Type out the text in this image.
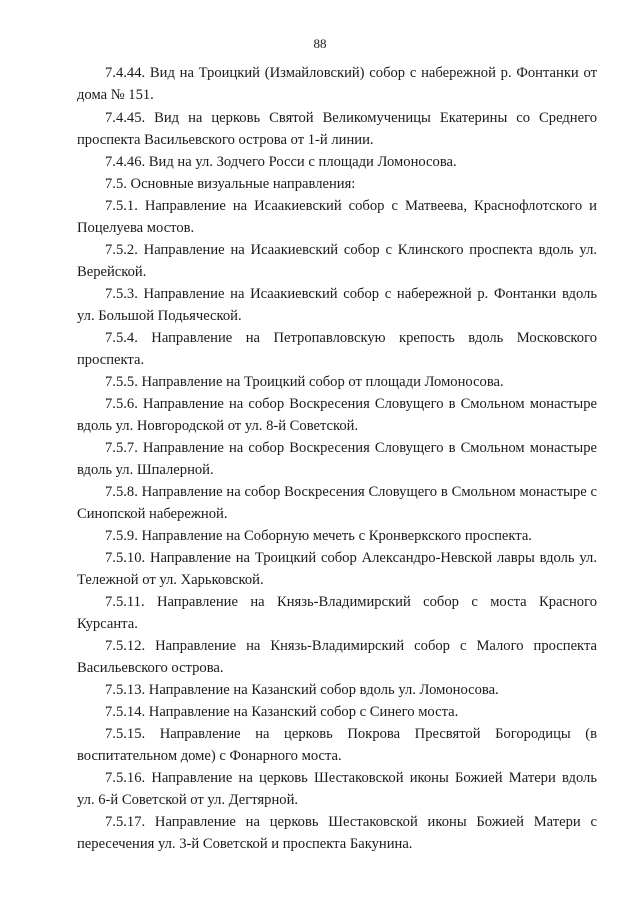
88

7.4.44. Вид на Троицкий (Измайловский) собор с набережной р. Фонтанки от дома № 151.

7.4.45. Вид на церковь Святой Великомученицы Екатерины со Среднего проспекта Васильевского острова от 1-й линии.

7.4.46. Вид на ул. Зодчего Росси с площади Ломоносова.

7.5. Основные визуальные направления:

7.5.1. Направление на Исаакиевский собор с Матвеева, Краснофлотского и Поцелуева мостов.

7.5.2. Направление на Исаакиевский собор с Клинского проспекта вдоль ул. Верейской.

7.5.3. Направление на Исаакиевский собор с набережной р. Фонтанки вдоль ул. Большой Подьяческой.

7.5.4. Направление на Петропавловскую крепость вдоль Московского проспекта.

7.5.5. Направление на Троицкий собор от площади Ломоносова.

7.5.6. Направление на собор Воскресения Словущего в Смольном монастыре вдоль ул. Новгородской от ул. 8-й Советской.

7.5.7. Направление на собор Воскресения Словущего в Смольном монастыре вдоль ул. Шпалерной.

7.5.8. Направление на собор Воскресения Словущего в Смольном монастыре с Синопской набережной.

7.5.9. Направление на Соборную мечеть с Кронверкского проспекта.

7.5.10. Направление на Троицкий собор Александро-Невской лавры вдоль ул. Тележной от ул. Харьковской.

7.5.11. Направление на Князь-Владимирский собор с моста Красного Курсанта.

7.5.12. Направление на Князь-Владимирский собор с Малого проспекта Васильевского острова.

7.5.13. Направление на Казанский собор вдоль ул. Ломоносова.

7.5.14. Направление на Казанский собор с Синего моста.

7.5.15. Направление на церковь Покрова Пресвятой Богородицы (в воспитательном доме) с Фонарного моста.

7.5.16. Направление на церковь Шестаковской иконы Божией Матери вдоль ул. 6-й Советской от ул. Дегтярной.

7.5.17. Направление на церковь Шестаковской иконы Божией Матери с пересечения ул. 3-й Советской и проспекта Бакунина.
